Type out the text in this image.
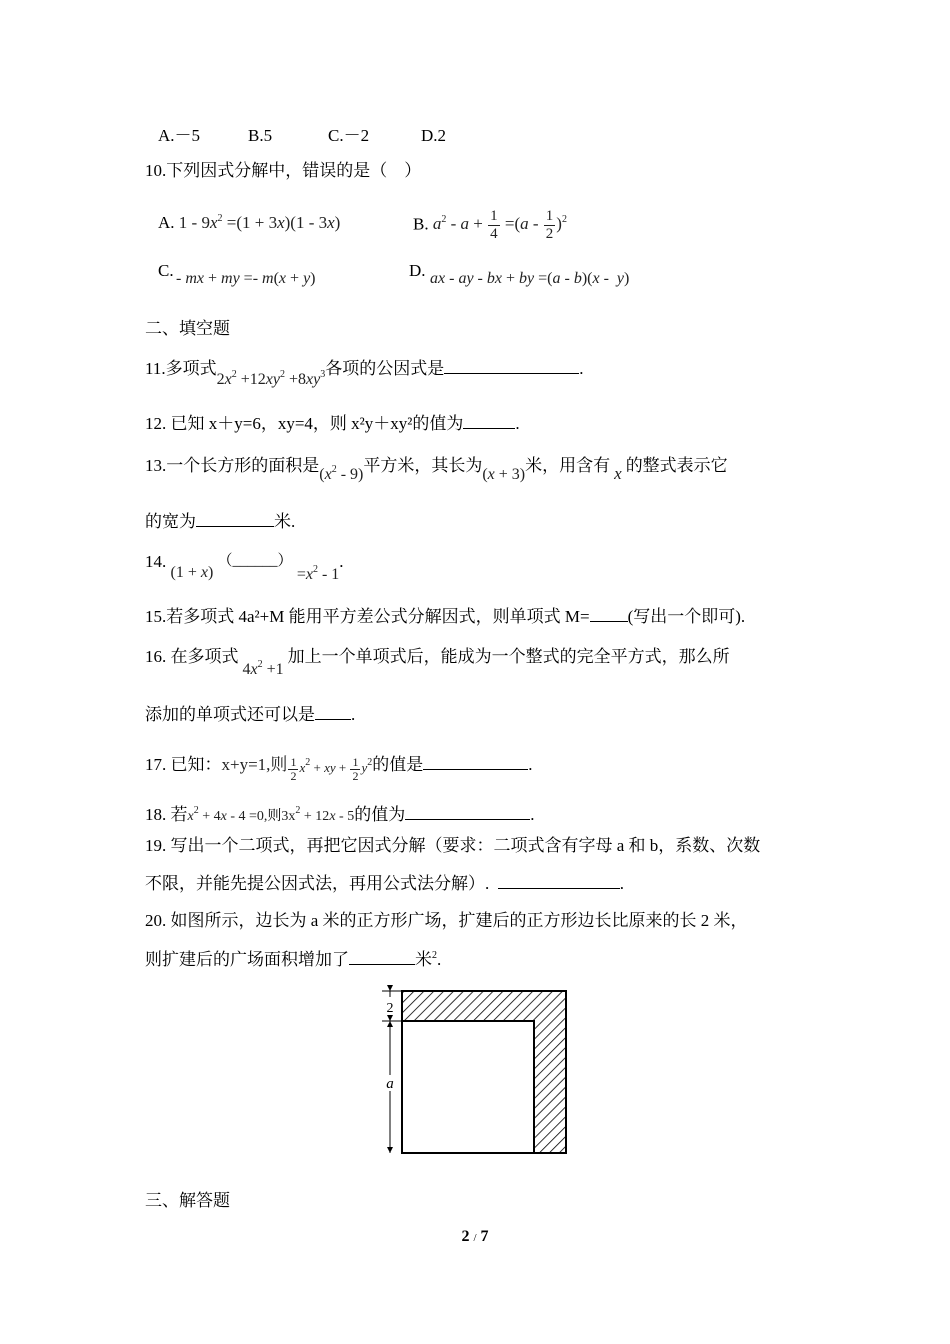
A.－5	B.5	C.－2	D.2
10.下列因式分解中，错误的是（　）
A. $1 - 9x^2 =(1 + 3x)(1 - 3x)$	B. $a^2 - a + \frac{1}{4} =(a - \frac{1}{2} )^2$
C. - mx + my =- m(x + y)	D. ax - ay - bx + by =(a - b)(x -  y)
二、填空题
11.多项式$2x^2 +12xy^2 +8xy^3$各项的公因式是	.
12. 已知 x＋y=6，xy=4，则 x²y＋xy²的值为	.
13.一个长方形的面积是$(x^2 - 9)$平方米，其长为(x + 3)米，用含有 x 的整式表示它
的宽为	米.
14. (1 + x) （______） $=x^2 - 1$.
15.若多项式 4a²+M 能用平方差公式分解因式，则单项式 M= (写出一个即可).
16. 在多项式$4x^2 +1$加上一个单项式后，能成为一个整式的完全平方式，那么所
添加的单项式还可以是 .
17. 已知：x+y=1,则 $\frac{1}{2} x^2$ + xy + $\frac{1}{2} y^2$的值是	.
18. 若$x^2 + 4x - 4 =0$,则$3x^2 + 12x - 5$的值为	.
19. 写出一个二项式，再把它因式分解（要求：二项式含有字母 a 和 b，系数、次数
不限，并能先提公因式法，再用公式法分解）.	.
20. 如图所示，边长为 a 米的正方形广场，扩建后的正方形边长比原来的长 2 米，
则扩建后的广场面积增加了	米$^2$.
2
a
三、解答题
2 / 7
